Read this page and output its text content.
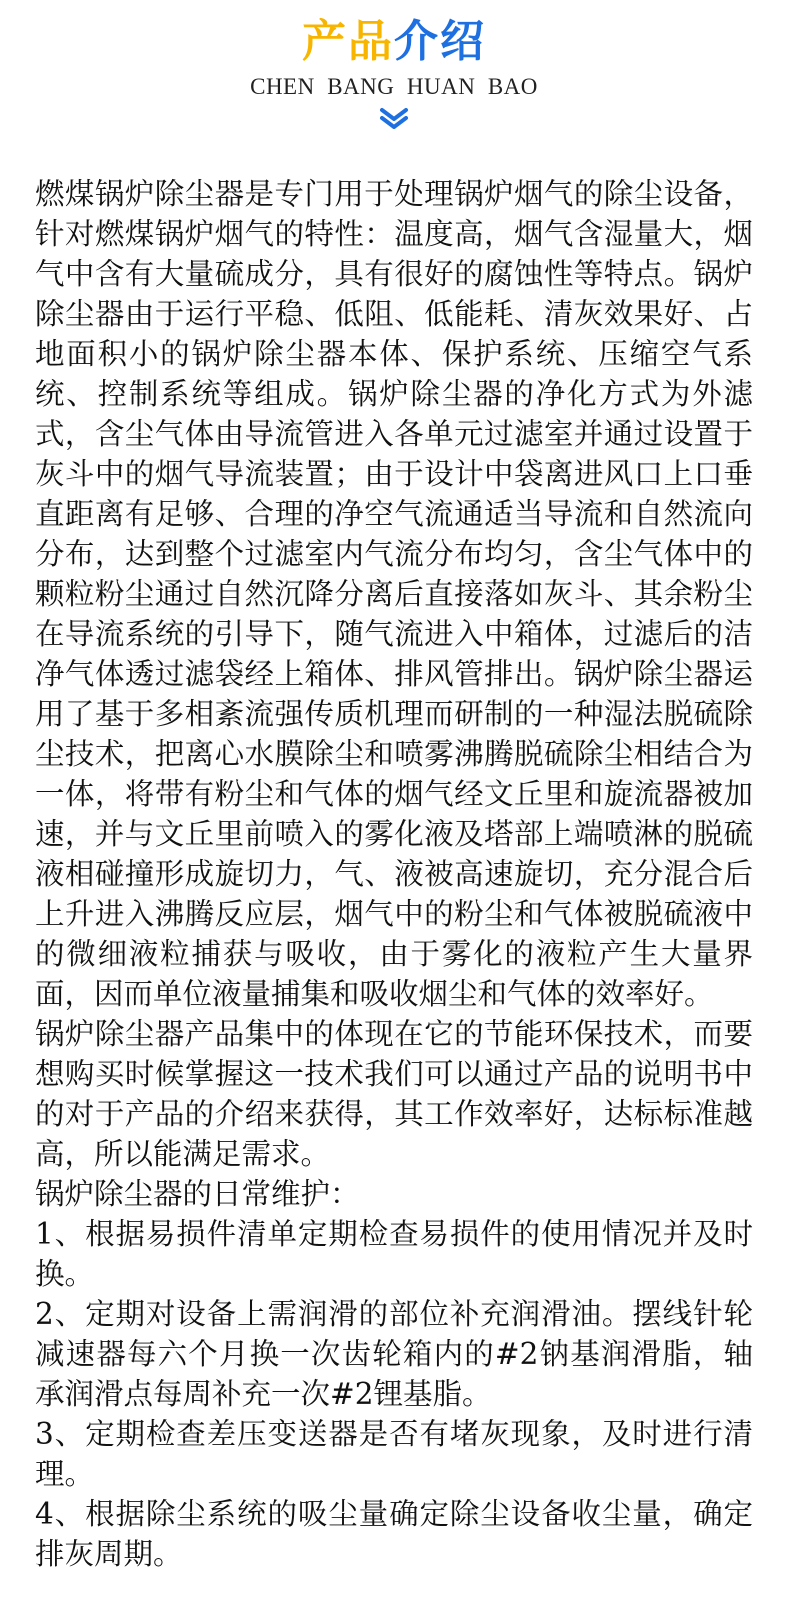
产品介绍
CHEN  BANG  HUAN  BAO

燃煤锅炉除尘器是专门用于处理锅炉烟气的除尘设备，针对燃煤锅炉烟气的特性：温度高，烟气含湿量大，烟气中含有大量硫成分，具有很好的腐蚀性等特点。锅炉除尘器由于运行平稳、低阻、低能耗、清灰效果好、占地面积小的锅炉除尘器本体、保护系统、压缩空气系统、控制系统等组成。锅炉除尘器的净化方式为外滤式，含尘气体由导流管进入各单元过滤室并通过设置于灰斗中的烟气导流装置；由于设计中袋离进风口上口垂直距离有足够、合理的净空气流通适当导流和自然流向分布，达到整个过滤室内气流分布均匀，含尘气体中的颗粒粉尘通过自然沉降分离后直接落如灰斗、其余粉尘在导流系统的引导下，随气流进入中箱体，过滤后的洁净气体透过滤袋经上箱体、排风管排出。锅炉除尘器运用了基于多相紊流强传质机理而研制的一种湿法脱硫除尘技术，把离心水膜除尘和喷雾沸腾脱硫除尘相结合为一体，将带有粉尘和气体的烟气经文丘里和旋流器被加速，并与文丘里前喷入的雾化液及塔部上端喷淋的脱硫液相碰撞形成旋切力，气、液被高速旋切，充分混合后上升进入沸腾反应层，烟气中的粉尘和气体被脱硫液中的微细液粒捕获与吸收，由于雾化的液粒产生大量界面，因而单位液量捕集和吸收烟尘和气体的效率好。

锅炉除尘器产品集中的体现在它的节能环保技术，而要想购买时候掌握这一技术我们可以通过产品的说明书中的对于产品的介绍来获得，其工作效率好，达标标准越高，所以能满足需求。

锅炉除尘器的日常维护：

1、根据易损件清单定期检查易损件的使用情况并及时换。

2、定期对设备上需润滑的部位补充润滑油。摆线针轮减速器每六个月换一次齿轮箱内的#2钠基润滑脂，轴承润滑点每周补充一次#2锂基脂。

3、定期检查差压变送器是否有堵灰现象，及时进行清理。

4、根据除尘系统的吸尘量确定除尘设备收尘量，确定排灰周期。
